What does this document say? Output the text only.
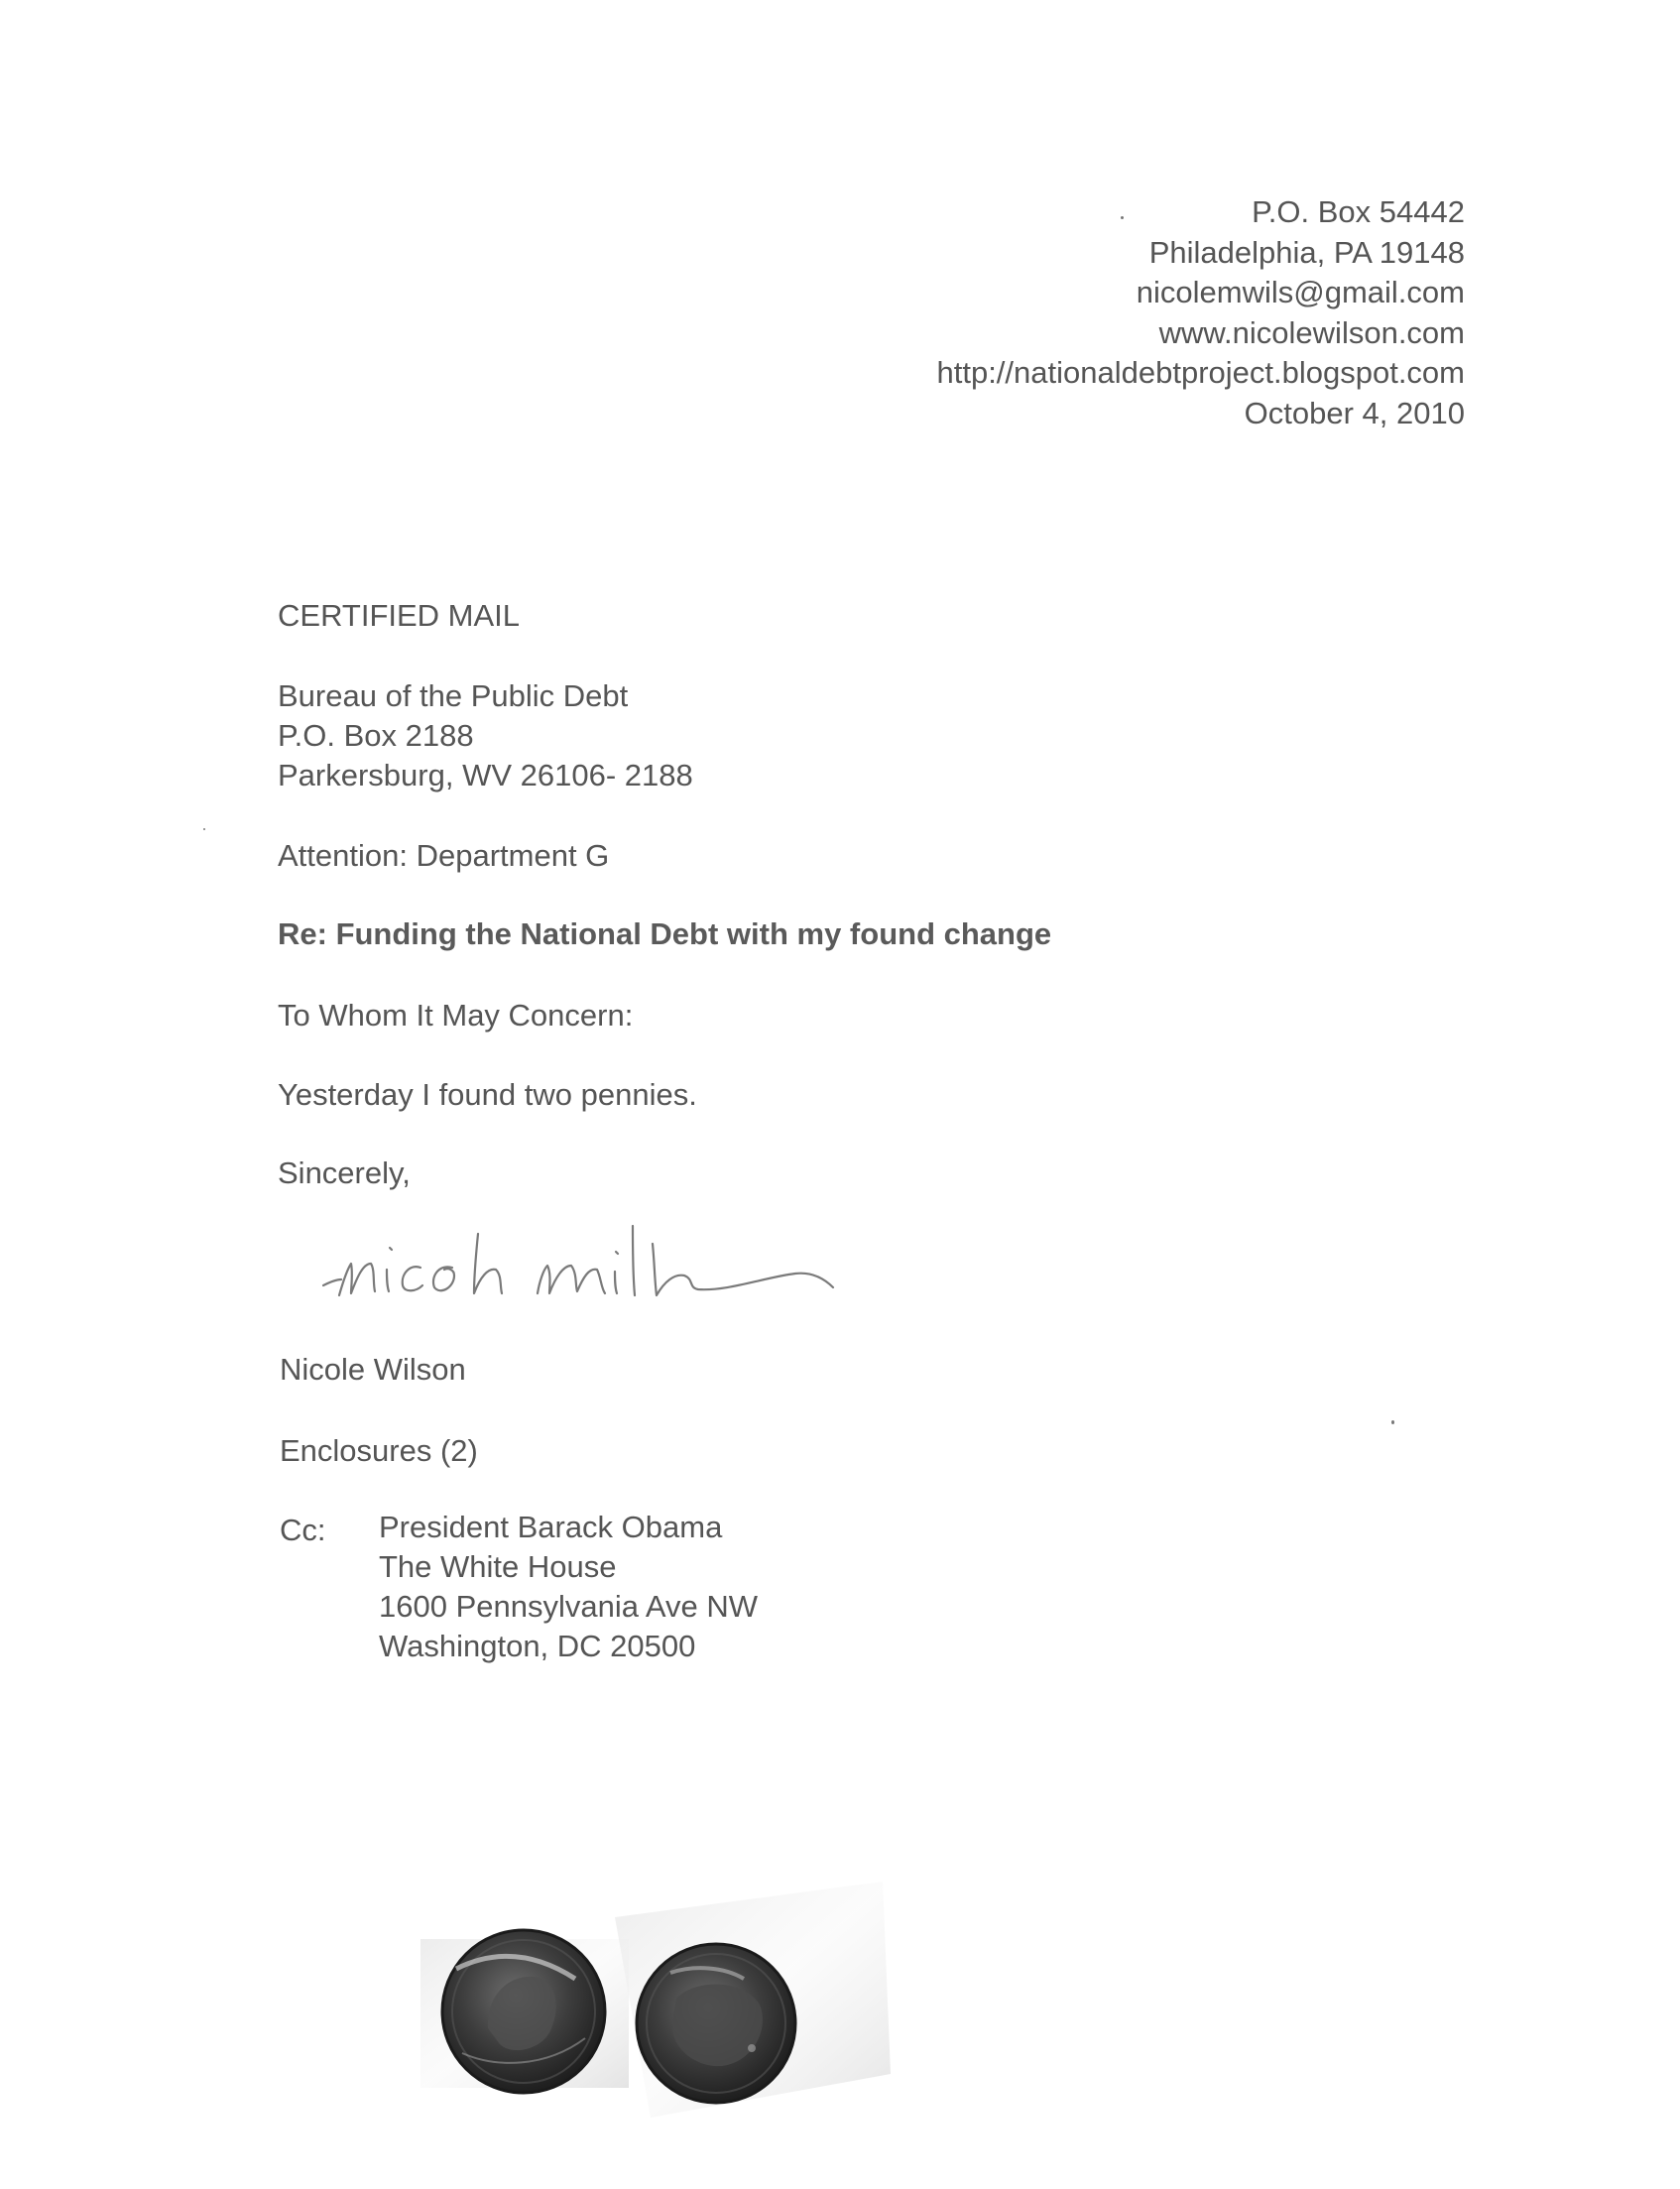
P.O. Box 54442
Philadelphia, PA 19148
nicolemwils@gmail.com
www.nicolewilson.com
http://nationaldebtproject.blogspot.com
October 4, 2010
CERTIFIED MAIL
Bureau of the Public Debt
P.O. Box 2188
Parkersburg, WV 26106- 2188
Attention: Department G
Re: Funding the National Debt with my found change
To Whom It May Concern:
Yesterday I found two pennies.
Sincerely,
Nicole Wilson
Enclosures (2)
Cc: President Barack Obama
The White House
1600 Pennsylvania Ave NW
Washington, DC 20500
